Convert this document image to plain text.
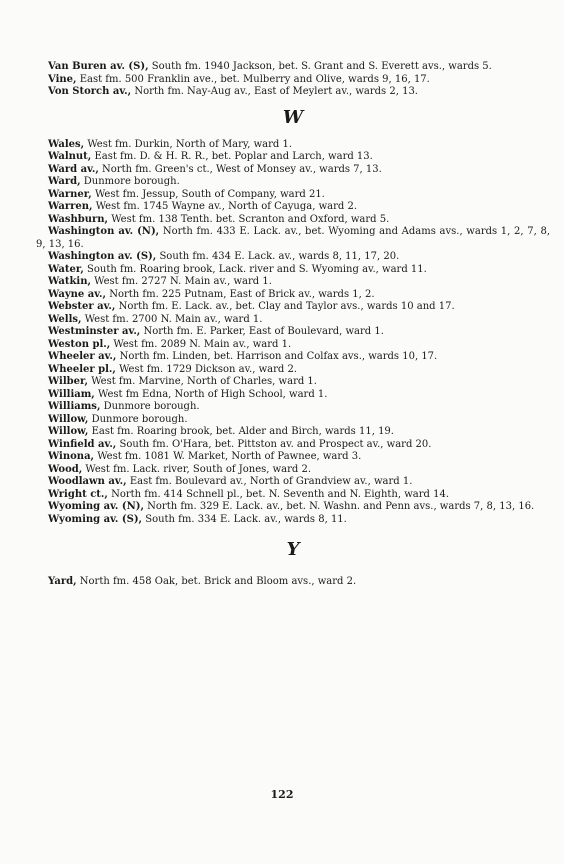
Van Buren av. (S), South fm. 1940 Jackson, bet. S. Grant and S. Everett avs., wards 5.

Vine, East fm. 500 Franklin ave., bet. Mulberry and Olive, wards 9, 16, 17.

Von Storch av., North fm. Nay-Aug av., East of Meylert av., wards 2, 13.

W

Wales, West fm. Durkin, North of Mary, ward 1.

Walnut, East fm. D. & H. R. R., bet. Poplar and Larch, ward 13.

Ward av., North fm. Green's ct., West of Monsey av., wards 7, 13.

Ward, Dunmore borough.

Warner, West fm. Jessup, South of Company, ward 21.

Warren, West fm. 1745 Wayne av., North of Cayuga, ward 2.

Washburn, West fm. 138 Tenth. bet. Scranton and Oxford, ward 5.

Washington av. (N), North fm. 433 E. Lack. av., bet. Wyoming and Adams avs., wards 1, 2, 7, 8, 9, 13, 16.

Washington av. (S), South fm. 434 E. Lack. av., wards 8, 11, 17, 20.

Water, South fm. Roaring brook, Lack. river and S. Wyoming av., ward 11.

Watkin, West fm. 2727 N. Main av., ward 1.

Wayne av., North fm. 225 Putnam, East of Brick av., wards 1, 2.

Webster av., North fm. E. Lack. av., bet. Clay and Taylor avs., wards 10 and 17.

Wells, West fm. 2700 N. Main av., ward 1.

Westminster av., North fm. E. Parker, East of Boulevard, ward 1.

Weston pl., West fm. 2089 N. Main av., ward 1.

Wheeler av., North fm. Linden, bet. Harrison and Colfax avs., wards 10, 17.

Wheeler pl., West fm. 1729 Dickson av., ward 2.

Wilber, West fm. Marvine, North of Charles, ward 1.

William, West fm Edna, North of High School, ward 1.

Williams, Dunmore borough.

Willow, Dunmore borough.

Willow, East fm. Roaring brook, bet. Alder and Birch, wards 11, 19.

Winfield av., South fm. O'Hara, bet. Pittston av. and Prospect av., ward 20.

Winona, West fm. 1081 W. Market, North of Pawnee, ward 3.

Wood, West fm. Lack. river, South of Jones, ward 2.

Woodlawn av., East fm. Boulevard av., North of Grandview av., ward 1.

Wright ct., North fm. 414 Schnell pl., bet. N. Seventh and N. Eighth, ward 14.

Wyoming av. (N), North fm. 329 E. Lack. av., bet. N. Washn. and Penn avs., wards 7, 8, 13, 16.

Wyoming av. (S), South fm. 334 E. Lack. av., wards 8, 11.

Y

Yard, North fm. 458 Oak, bet. Brick and Bloom avs., ward 2.

122
